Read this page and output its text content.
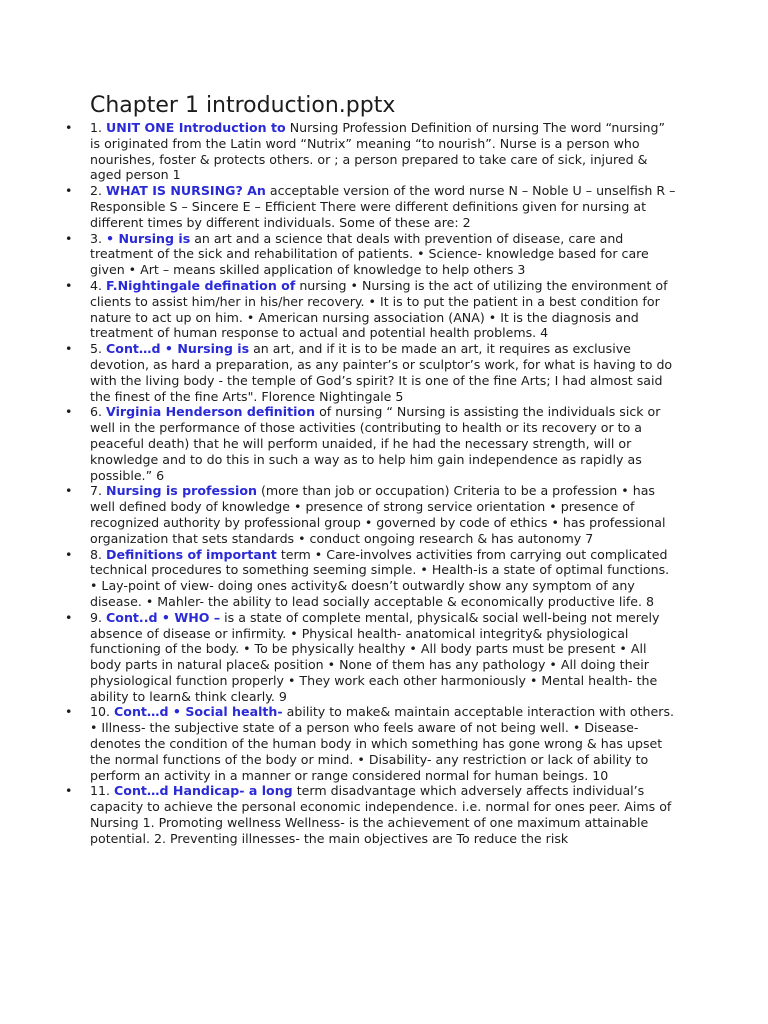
Chapter 1 introduction.pptx
• 1. UNIT ONE Introduction to Nursing Profession Definition of nursing The word “nursing” is originated from the Latin word “Nutrix” meaning “to nourish”. Nurse is a person who nourishes, foster & protects others. or ; a person prepared to take care of sick, injured & aged person 1
• 2. WHAT IS NURSING? An acceptable version of the word nurse N – Noble U – unselfish R – Responsible S – Sincere E – Efficient There were different definitions given for nursing at different times by different individuals. Some of these are: 2
• 3. • Nursing is an art and a science that deals with prevention of disease, care and treatment of the sick and rehabilitation of patients. • Science- knowledge based for care given • Art – means skilled application of knowledge to help others 3
• 4. F.Nightingale defination of nursing • Nursing is the act of utilizing the environment of clients to assist him/her in his/her recovery. • It is to put the patient in a best condition for nature to act up on him. • American nursing association (ANA) • It is the diagnosis and treatment of human response to actual and potential health problems. 4
• 5. Cont…d • Nursing is an art, and if it is to be made an art, it requires as exclusive devotion, as hard a preparation, as any painter’s or sculptor’s work, for what is having to do with the living body - the temple of God’s spirit? It is one of the fine Arts; I had almost said the finest of the fine Arts". Florence Nightingale 5
• 6. Virginia Henderson definition of nursing “ Nursing is assisting the individuals sick or well in the performance of those activities (contributing to health or its recovery or to a peaceful death) that he will perform unaided, if he had the necessary strength, will or knowledge and to do this in such a way as to help him gain independence as rapidly as possible.” 6
• 7. Nursing is profession (more than job or occupation) Criteria to be a profession • has well defined body of knowledge • presence of strong service orientation • presence of recognized authority by professional group • governed by code of ethics • has professional organization that sets standards • conduct ongoing research & has autonomy 7
• 8. Definitions of important term • Care-involves activities from carrying out complicated technical procedures to something seeming simple. • Health-is a state of optimal functions. • Lay-point of view- doing ones activity& doesn’t outwardly show any symptom of any disease. • Mahler- the ability to lead socially acceptable & economically productive life. 8
• 9. Cont..d • WHO – is a state of complete mental, physical& social well-being not merely absence of disease or infirmity. • Physical health- anatomical integrity& physiological functioning of the body. • To be physically healthy • All body parts must be present • All body parts in natural place& position • None of them has any pathology • All doing their physiological function properly • They work each other harmoniously • Mental health- the ability to learn& think clearly. 9
• 10. Cont…d • Social health- ability to make& maintain acceptable interaction with others. • Illness- the subjective state of a person who feels aware of not being well. • Disease- denotes the condition of the human body in which something has gone wrong & has upset the normal functions of the body or mind. • Disability- any restriction or lack of ability to perform an activity in a manner or range considered normal for human beings. 10
• 11. Cont…d Handicap- a long term disadvantage which adversely affects individual’s capacity to achieve the personal economic independence. i.e. normal for ones peer. Aims of Nursing 1. Promoting wellness Wellness- is the achievement of one maximum attainable potential. 2. Preventing illnesses- the main objectives are To reduce the risk
